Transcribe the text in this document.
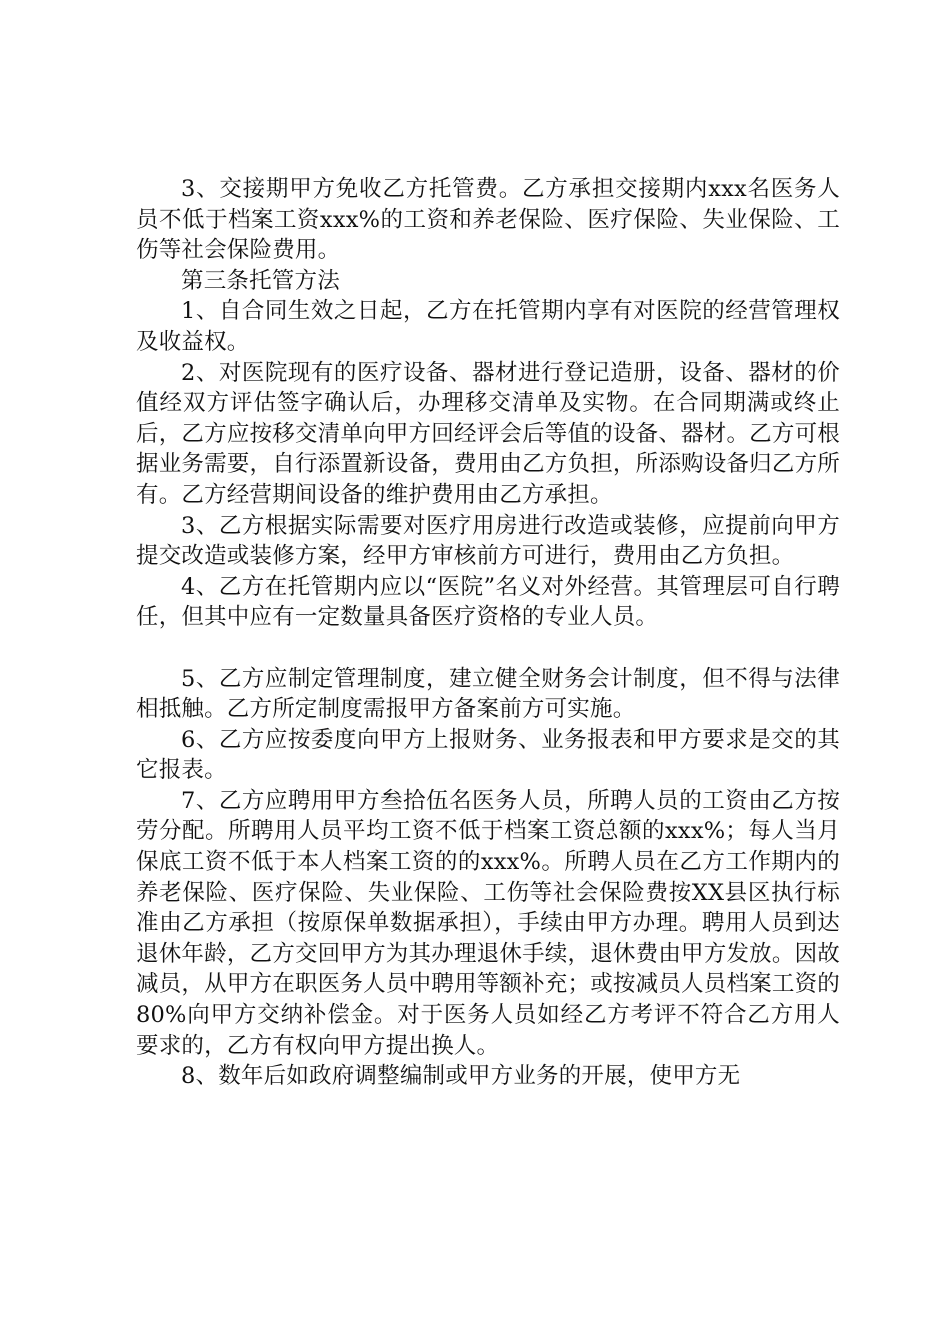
3、交接期甲方免收乙方托管费。乙方承担交接期内xxx名医务人员不低于档案工资xxx%的工资和养老保险、医疗保险、失业保险、工伤等社会保险费用。

第三条托管方法

1、自合同生效之日起，乙方在托管期内享有对医院的经营管理权及收益权。

2、对医院现有的医疗设备、器材进行登记造册，设备、器材的价值经双方评估签字确认后，办理移交清单及实物。在合同期满或终止后，乙方应按移交清单向甲方回经评会后等值的设备、器材。乙方可根据业务需要，自行添置新设备，费用由乙方负担，所添购设备归乙方所有。乙方经营期间设备的维护费用由乙方承担。

3、乙方根据实际需要对医疗用房进行改造或装修，应提前向甲方提交改造或装修方案，经甲方审核前方可进行，费用由乙方负担。

4、乙方在托管期内应以“医院”名义对外经营。其管理层可自行聘任，但其中应有一定数量具备医疗资格的专业人员。

5、乙方应制定管理制度，建立健全财务会计制度，但不得与法律相抵触。乙方所定制度需报甲方备案前方可实施。

6、乙方应按委度向甲方上报财务、业务报表和甲方要求是交的其它报表。

7、乙方应聘用甲方叁拾伍名医务人员，所聘人员的工资由乙方按劳分配。所聘用人员平均工资不低于档案工资总额的xxx%；每人当月保底工资不低于本人档案工资的的xxx%。所聘人员在乙方工作期内的养老保险、医疗保险、失业保险、工伤等社会保险费按XX县区执行标准由乙方承担（按原保单数据承担），手续由甲方办理。聘用人员到达退休年龄，乙方交回甲方为其办理退休手续，退休费由甲方发放。因故减员，从甲方在职医务人员中聘用等额补充；或按减员人员档案工资的80%向甲方交纳补偿金。对于医务人员如经乙方考评不符合乙方用人要求的，乙方有权向甲方提出换人。

8、数年后如政府调整编制或甲方业务的开展，使甲方无
